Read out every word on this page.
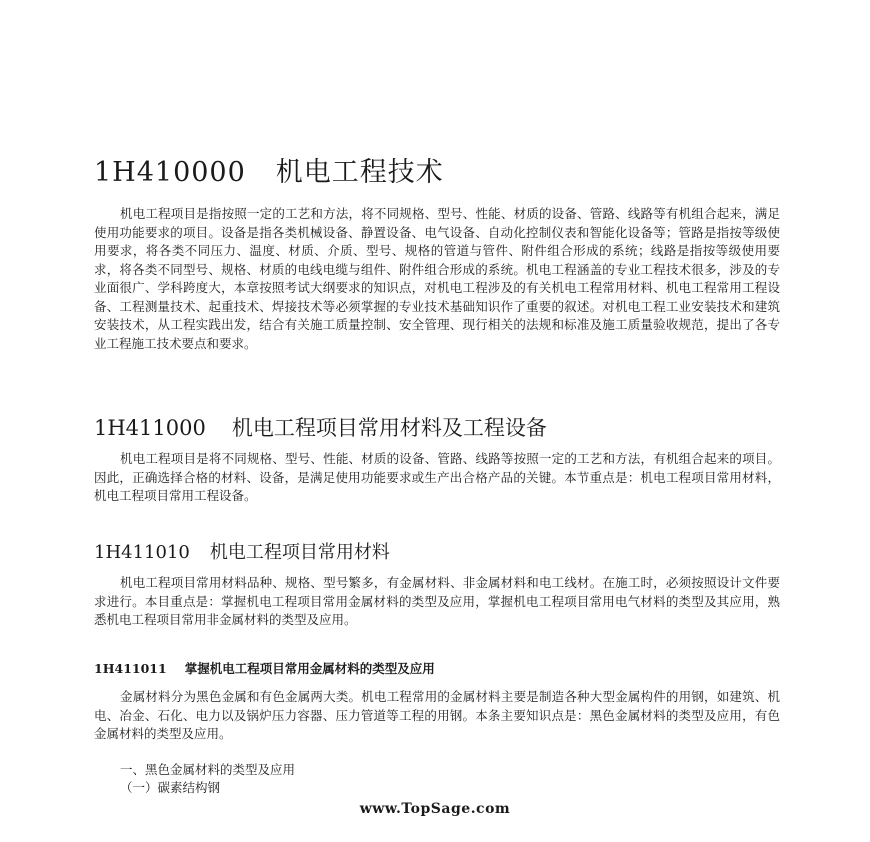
1H410000 机电工程技术
机电工程项目是指按照一定的工艺和方法，将不同规格、型号、性能、材质的设备、管路、线路等有机组合起来，满足使用功能要求的项目。设备是指各类机械设备、静置设备、电气设备、自动化控制仪表和智能化设备等；管路是指按等级使用要求，将各类不同压力、温度、材质、介质、型号、规格的管道与管件、附件组合形成的系统；线路是指按等级使用要求，将各类不同型号、规格、材质的电线电缆与组件、附件组合形成的系统。机电工程涵盖的专业工程技术很多，涉及的专业面很广、学科跨度大，本章按照考试大纲要求的知识点，对机电工程涉及的有关机电工程常用材料、机电工程常用工程设备、工程测量技术、起重技术、焊接技术等必须掌握的专业技术基础知识作了重要的叙述。对机电工程工业安装技术和建筑安装技术，从工程实践出发，结合有关施工质量控制、安全管理、现行相关的法规和标准及施工质量验收规范，提出了各专业工程施工技术要点和要求。
1H411000 机电工程项目常用材料及工程设备
机电工程项目是将不同规格、型号、性能、材质的设备、管路、线路等按照一定的工艺和方法，有机组合起来的项目。因此，正确选择合格的材料、设备，是满足使用功能要求或生产出合格产品的关键。本节重点是：机电工程项目常用材料，机电工程项目常用工程设备。
1H411010 机电工程项目常用材料
机电工程项目常用材料品种、规格、型号繁多，有金属材料、非金属材料和电工线材。在施工时，必须按照设计文件要求进行。本目重点是：掌握机电工程项目常用金属材料的类型及应用，掌握机电工程项目常用电气材料的类型及其应用，熟悉机电工程项目常用非金属材料的类型及应用。
1H411011 掌握机电工程项目常用金属材料的类型及应用
金属材料分为黑色金属和有色金属两大类。机电工程常用的金属材料主要是制造各种大型金属构件的用钢，如建筑、机电、冶金、石化、电力以及锅炉压力容器、压力管道等工程的用钢。本条主要知识点是：黑色金属材料的类型及应用，有色金属材料的类型及应用。
一、黑色金属材料的类型及应用
（一）碳素结构钢
www.TopSage.com
